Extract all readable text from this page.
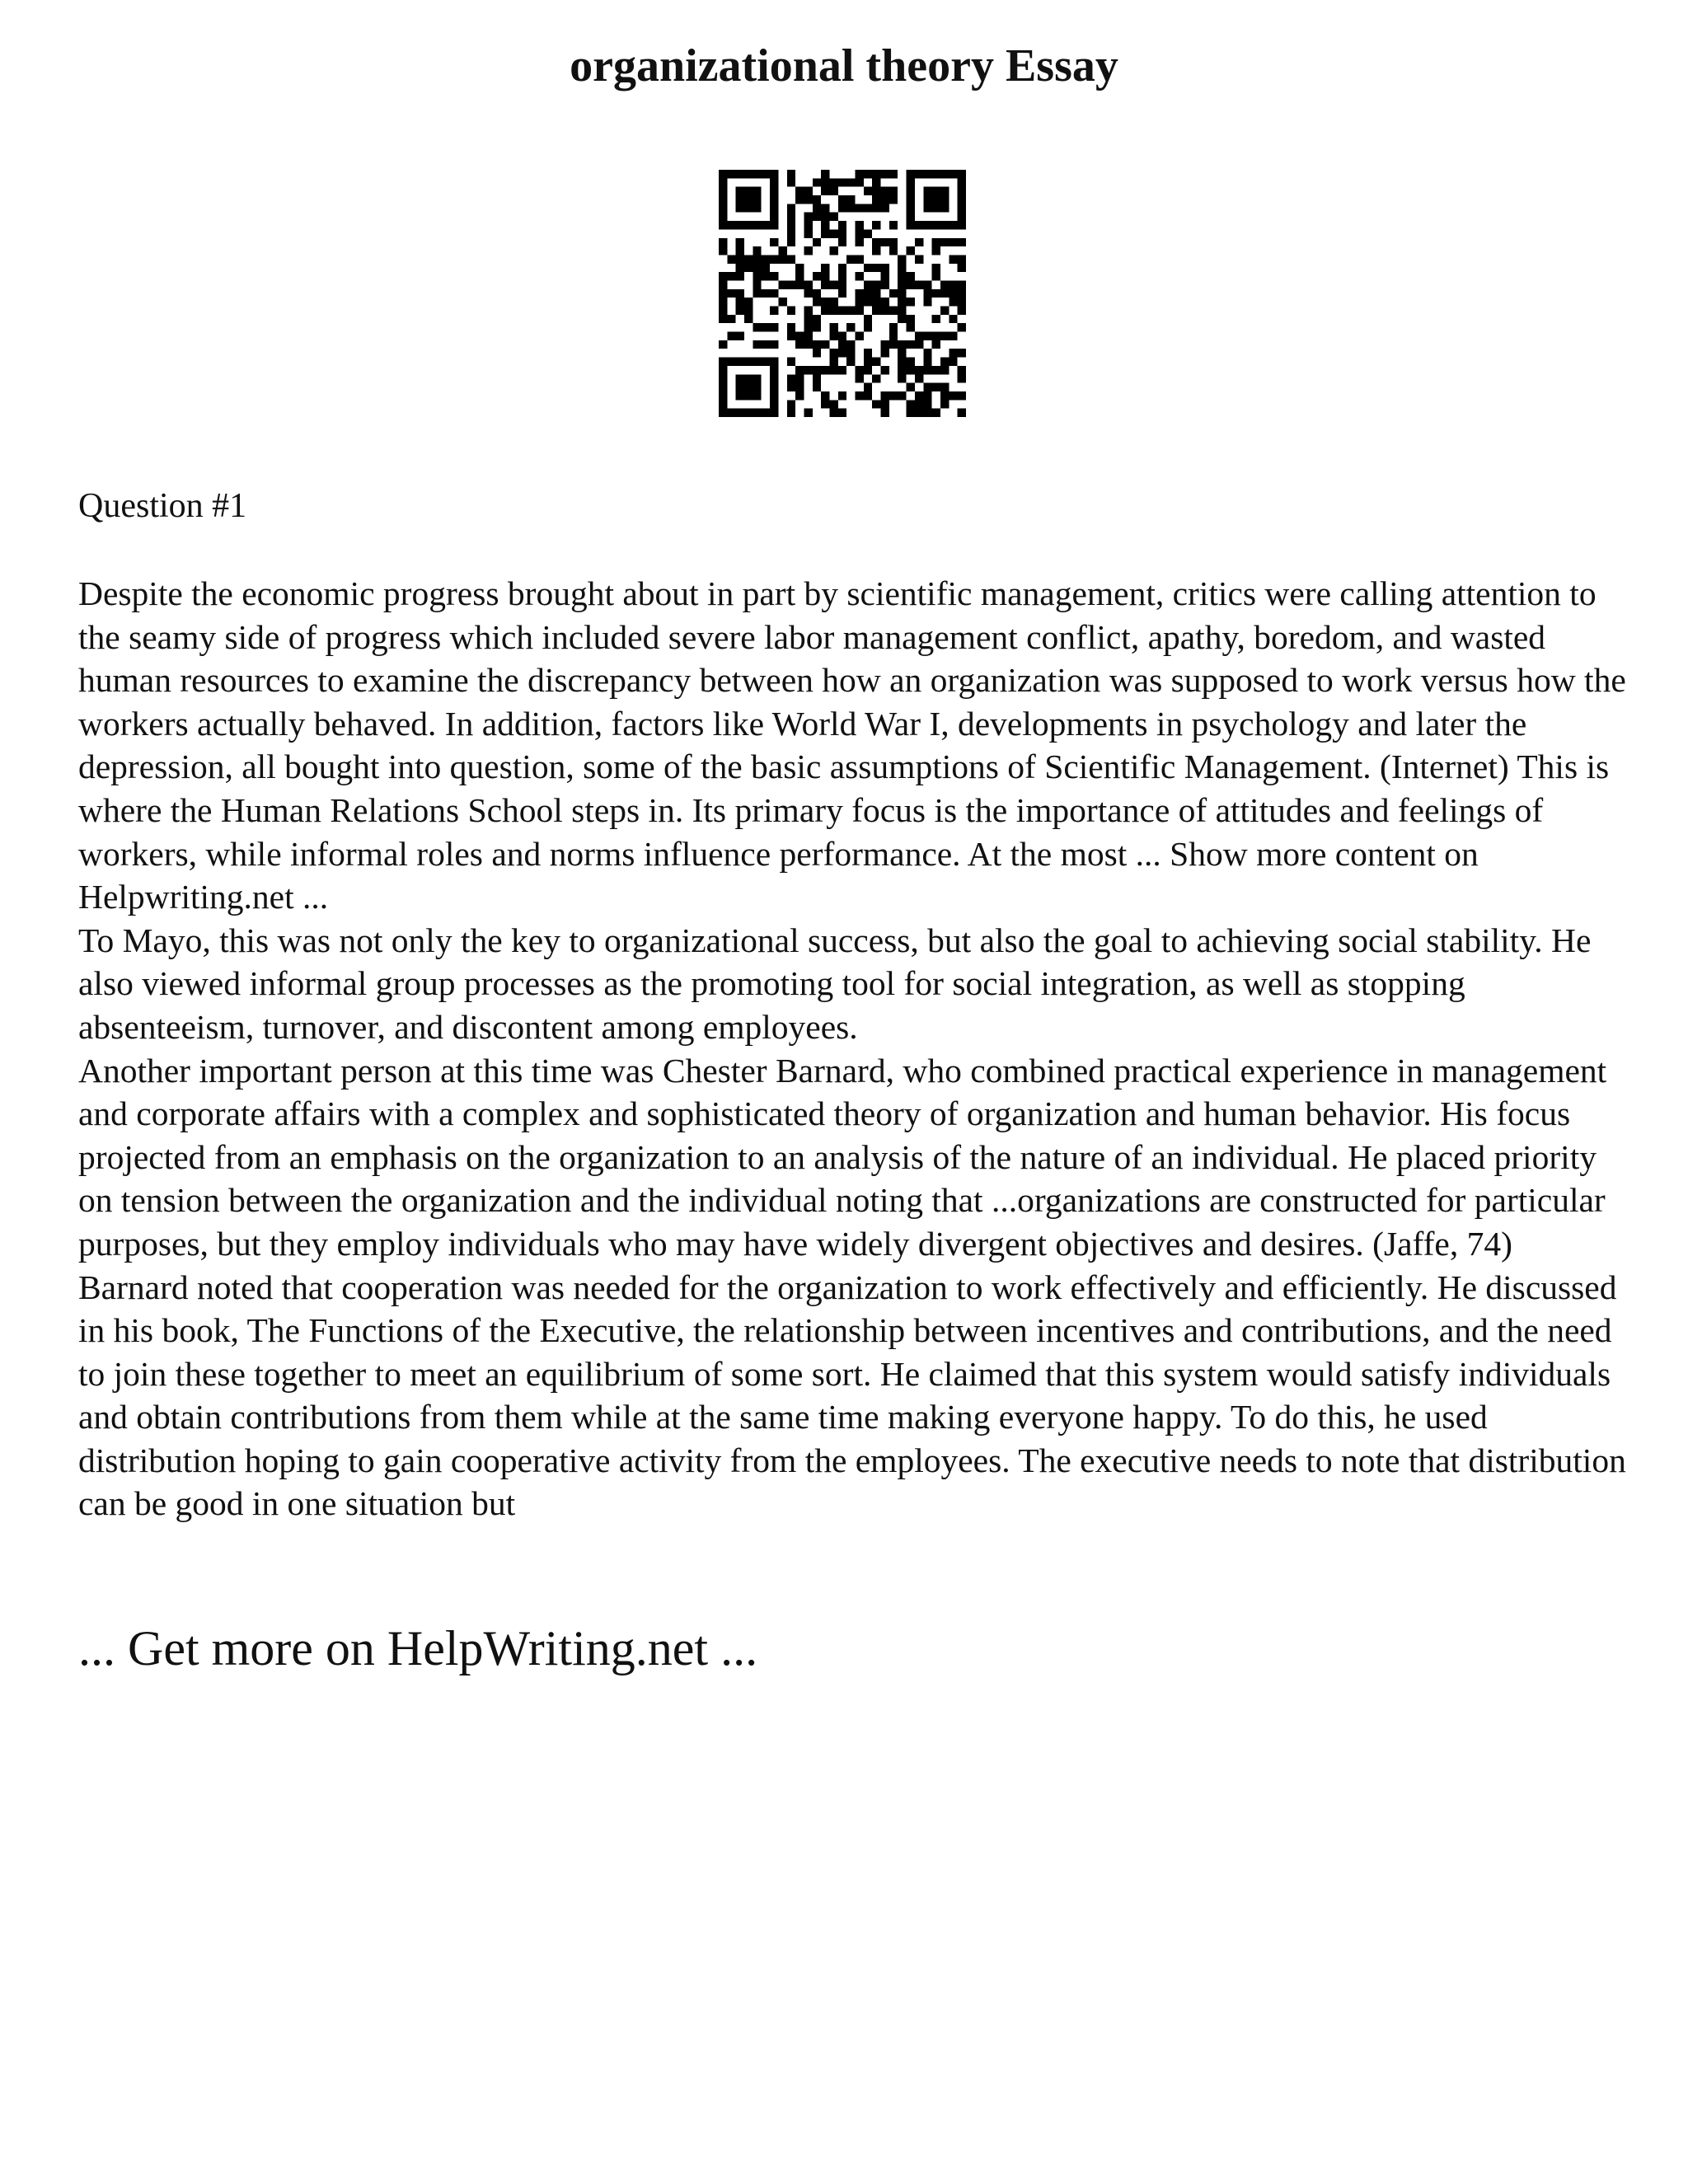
organizational theory Essay

Question #1

Despite the economic progress brought about in part by scientific management, critics were calling attention to the seamy side of progress which included severe labor management conflict, apathy, boredom, and wasted human resources to examine the discrepancy between how an organization was supposed to work versus how the workers actually behaved. In addition, factors like World War I, developments in psychology and later the depression, all bought into question, some of the basic assumptions of Scientific Management. (Internet) This is where the Human Relations School steps in. Its primary focus is the importance of attitudes and feelings of workers, while informal roles and norms influence performance. At the most ... Show more content on Helpwriting.net ...

To Mayo, this was not only the key to organizational success, but also the goal to achieving social stability. He also viewed informal group processes as the promoting tool for social integration, as well as stopping absenteeism, turnover, and discontent among employees.

Another important person at this time was Chester Barnard, who combined practical experience in management and corporate affairs with a complex and sophisticated theory of organization and human behavior. His focus projected from an emphasis on the organization to an analysis of the nature of an individual. He placed priority on tension between the organization and the individual noting that ...organizations are constructed for particular purposes, but they employ individuals who may have widely divergent objectives and desires. (Jaffe, 74) Barnard noted that cooperation was needed for the organization to work effectively and efficiently. He discussed in his book, The Functions of the Executive, the relationship between incentives and contributions, and the need to join these together to meet an equilibrium of some sort. He claimed that this system would satisfy individuals and obtain contributions from them while at the same time making everyone happy. To do this, he used distribution hoping to gain cooperative activity from the employees. The executive needs to note that distribution can be good in one situation but

... Get more on HelpWriting.net ...
